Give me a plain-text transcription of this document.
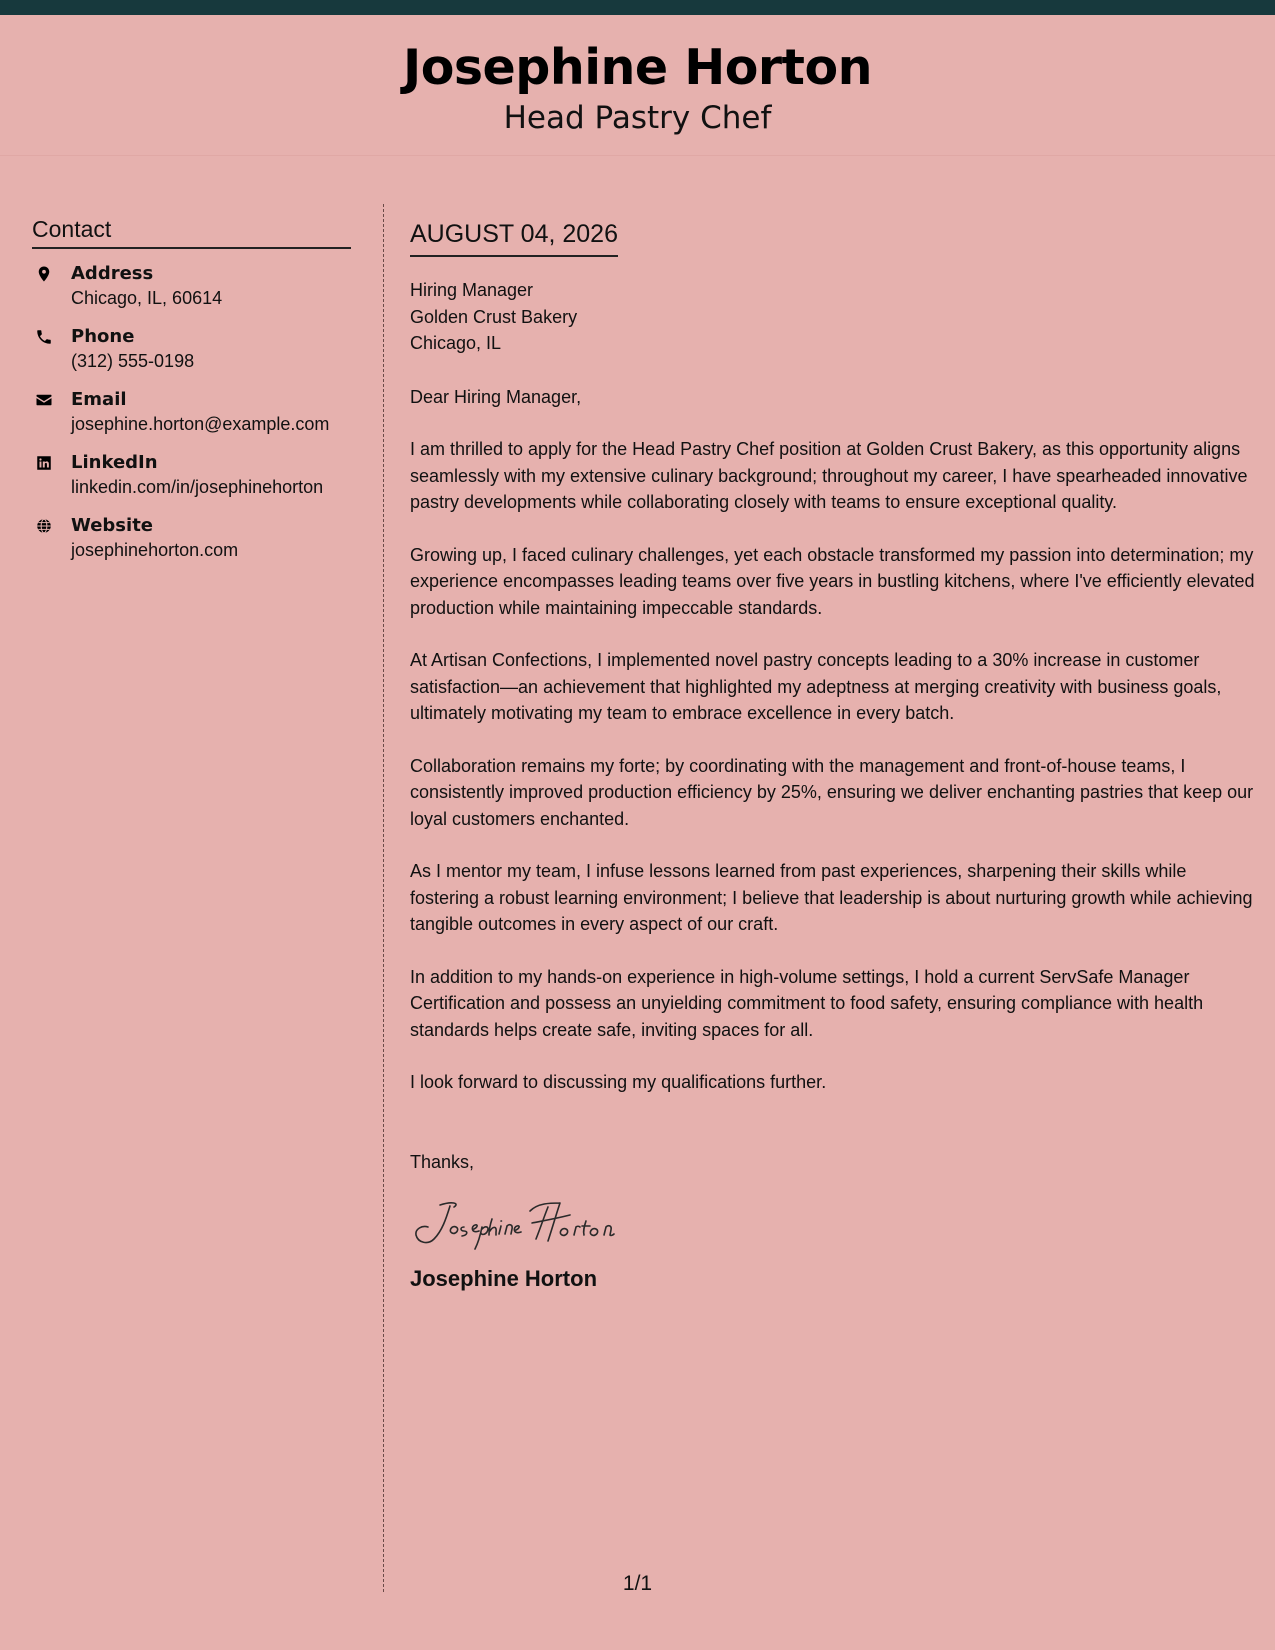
Josephine Horton
Head Pastry Chef
Contact
Address
Chicago, IL, 60614
Phone
(312) 555-0198
Email
josephine.horton@example.com
LinkedIn
linkedin.com/in/josephinehorton
Website
josephinehorton.com
AUGUST 04, 2026
Hiring Manager
Golden Crust Bakery
Chicago, IL
Dear Hiring Manager,

I am thrilled to apply for the Head Pastry Chef position at Golden Crust Bakery, as this opportunity aligns seamlessly with my extensive culinary background; throughout my career, I have spearheaded innovative pastry developments while collaborating closely with teams to ensure exceptional quality.

Growing up, I faced culinary challenges, yet each obstacle transformed my passion into determination; my experience encompasses leading teams over five years in bustling kitchens, where I've efficiently elevated production while maintaining impeccable standards.

At Artisan Confections, I implemented novel pastry concepts leading to a 30% increase in customer satisfaction—an achievement that highlighted my adeptness at merging creativity with business goals, ultimately motivating my team to embrace excellence in every batch.

Collaboration remains my forte; by coordinating with the management and front-of-house teams, I consistently improved production efficiency by 25%, ensuring we deliver enchanting pastries that keep our loyal customers enchanted.

As I mentor my team, I infuse lessons learned from past experiences, sharpening their skills while fostering a robust learning environment; I believe that leadership is about nurturing growth while achieving tangible outcomes in every aspect of our craft.

In addition to my hands-on experience in high-volume settings, I hold a current ServSafe Manager Certification and possess an unyielding commitment to food safety, ensuring compliance with health standards helps create safe, inviting spaces for all.

I look forward to discussing my qualifications further.

Thanks,
Josephine Horton
1/1
